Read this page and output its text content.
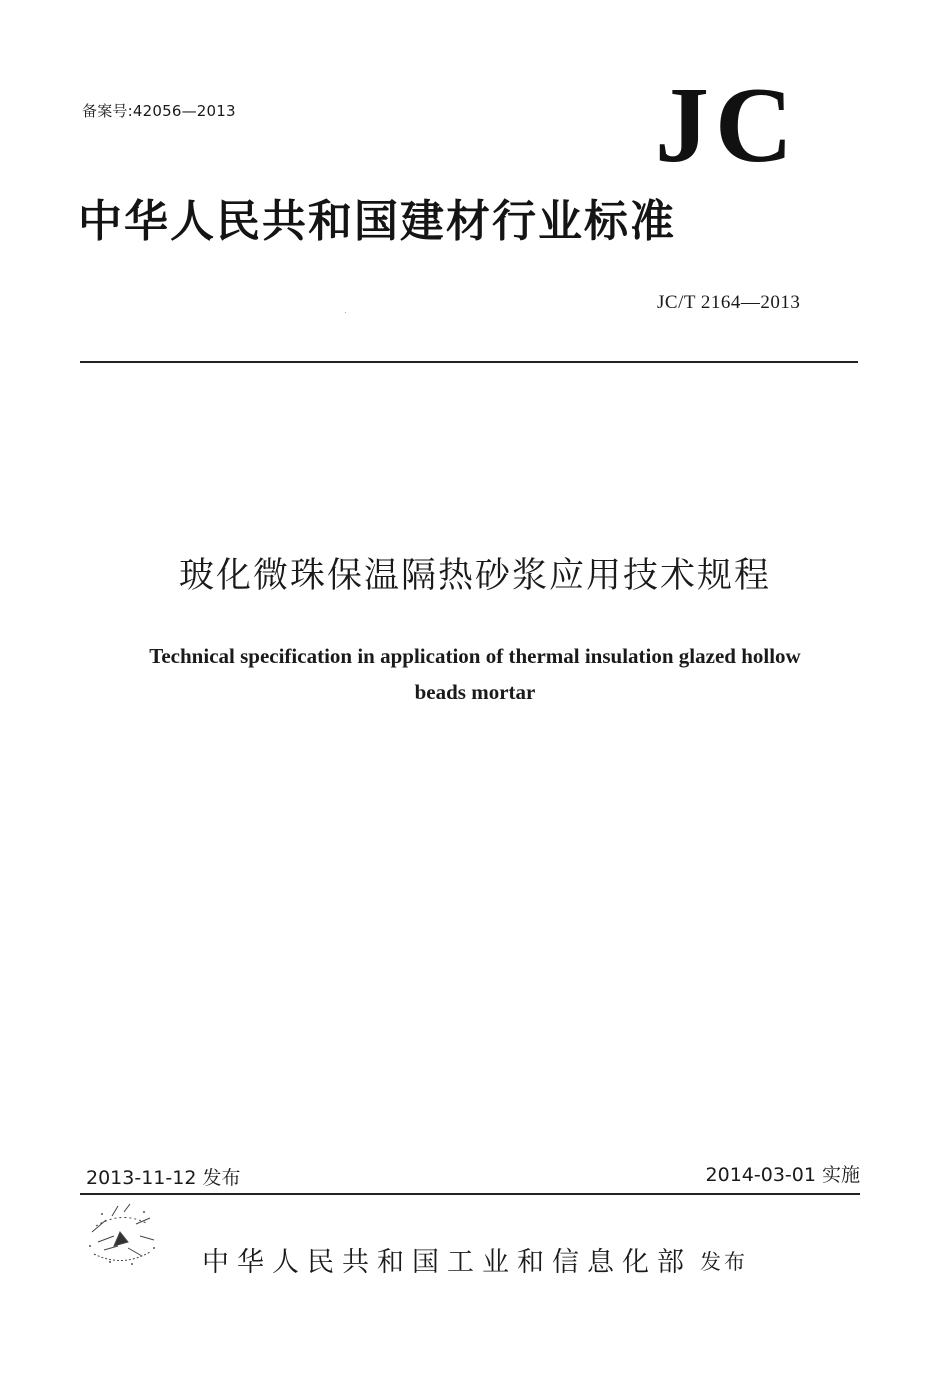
备案号:42056—2013	JC
中华人民共和国建材行业标准
JC/T 2164—2013
玻化微珠保温隔热砂浆应用技术规程
Technical specification in application of thermal insulation glazed hollow
beads mortar
2013-11-12 发布	2014-03-01 实施
中华人民共和国工业和信息化部 发布
